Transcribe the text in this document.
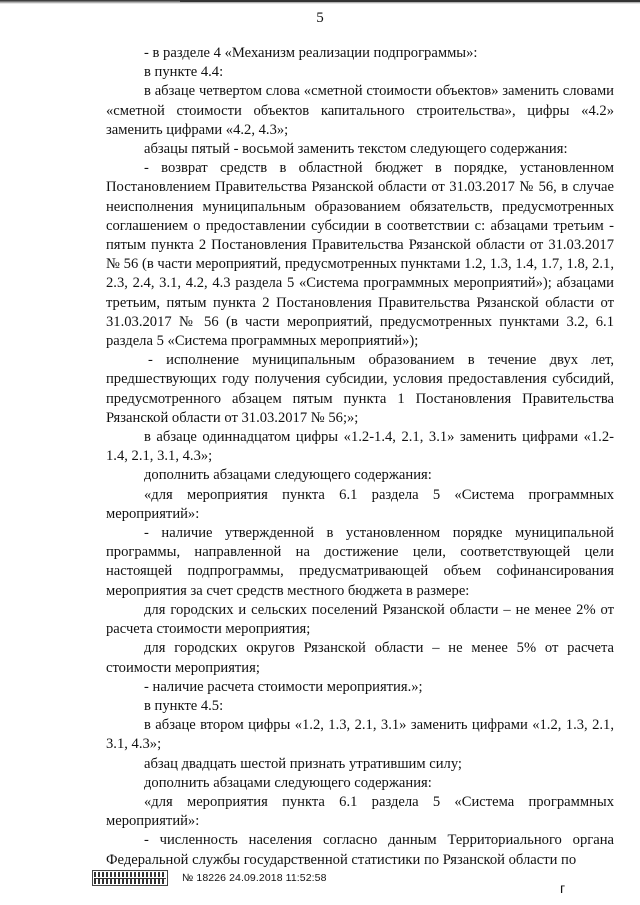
5

- в разделе 4 «Механизм реализации подпрограммы»:

в пункте 4.4:

в абзаце четвертом слова «сметной стоимости объектов» заменить словами «сметной стоимости объектов капитального строительства», цифры «4.2» заменить цифрами «4.2, 4.3»;

абзацы пятый - восьмой заменить текстом следующего содержания:

- возврат средств в областной бюджет в порядке, установленном Постановлением Правительства Рязанской области от 31.03.2017 № 56, в случае неисполнения муниципальным образованием обязательств, предусмотренных соглашением о предоставлении субсидии в соответствии с: абзацами третьим - пятым пункта 2 Постановления Правительства Рязанской области от 31.03.2017 № 56 (в части мероприятий, предусмотренных пунктами 1.2, 1.3, 1.4, 1.7, 1.8, 2.1, 2.3, 2.4, 3.1, 4.2, 4.3 раздела 5 «Система программных мероприятий»); абзацами третьим, пятым пункта 2 Постановления Правительства Рязанской области от 31.03.2017 № 56 (в части мероприятий, предусмотренных пунктами 3.2, 6.1 раздела 5 «Система программных мероприятий»);

- исполнение муниципальным образованием в течение двух лет, предшествующих году получения субсидии, условия предоставления субсидий, предусмотренного абзацем пятым пункта 1 Постановления Правительства Рязанской области от 31.03.2017 № 56;»;

в абзаце одиннадцатом цифры «1.2-1.4, 2.1, 3.1» заменить цифрами «1.2-1.4, 2.1, 3.1, 4.3»;

дополнить абзацами следующего содержания:

«для мероприятия пункта 6.1 раздела 5 «Система программных мероприятий»:

- наличие утвержденной в установленном порядке муниципальной программы, направленной на достижение цели, соответствующей цели настоящей подпрограммы, предусматривающей объем софинансирования мероприятия за счет средств местного бюджета в размере:

для городских и сельских поселений Рязанской области – не менее 2% от расчета стоимости мероприятия;

для городских округов Рязанской области – не менее 5% от расчета стоимости мероприятия;

- наличие расчета стоимости мероприятия.»;

в пункте 4.5:

в абзаце втором цифры «1.2, 1.3, 2.1, 3.1» заменить цифрами «1.2, 1.3, 2.1, 3.1, 4.3»;

абзац двадцать шестой признать утратившим силу;

дополнить абзацами следующего содержания:

«для мероприятия пункта 6.1 раздела 5 «Система программных мероприятий»:

- численность населения согласно данным Территориального органа Федеральной службы государственной статистики по Рязанской области по

№ 18226 24.09.2018 11:52:58
г
